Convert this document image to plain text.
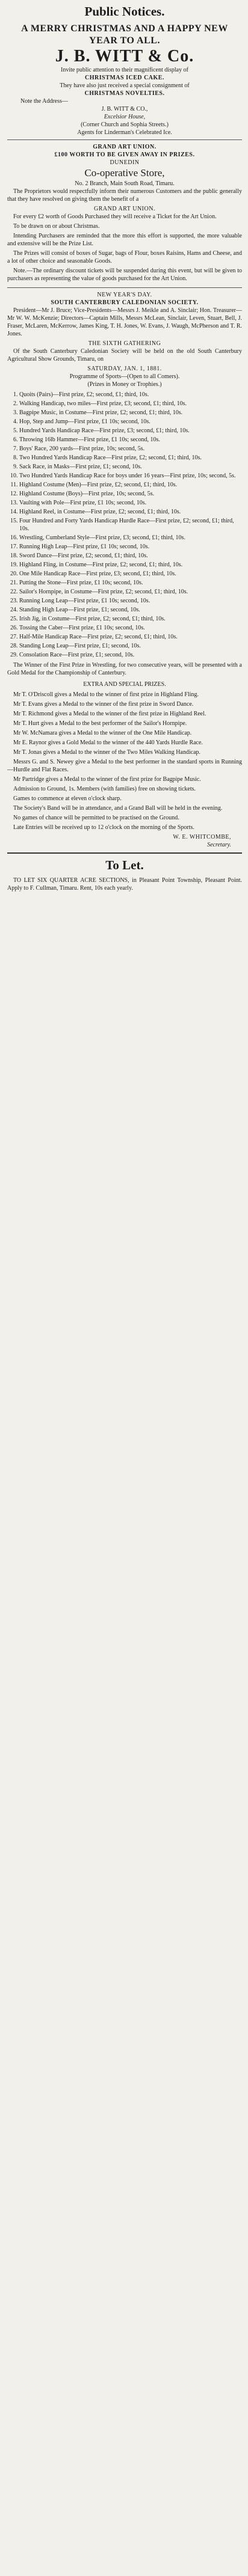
Public Notices.
A MERRY CHRISTMAS AND A HAPPY NEW YEAR TO ALL.
J. B. WITT & Co.
Invite public attention to their magnificent display of
CHRISTMAS ICED CAKE.
They have also just received a special consignment of
CHRISTMAS NOVELTIES.
Note the Address—
J. B. WITT & CO.,
Excelsior House,
(Corner Church and Sophia Streets.)
Agents for Linderman's Celebrated Ice.
GRAND ART UNION.
£100 WORTH TO BE GIVEN AWAY IN PRIZES.
DUNEDIN
Co-operative Store,
No. 2 Branch, Main South Road, Timaru.

The Proprietors would respectfully inform their numerous Customers and the public generally that they have resolved on giving them the benefit of a

GRAND ART UNION.

For every £2 worth of Goods Purchased they will receive a Ticket for the Art Union.

To be drawn on or about Christmas.

Intending Purchasers are reminded that the more this effort is supported, the more valuable and extensive will be the Prize List.

The Prizes will consist of boxes of Sugar, bags of Flour, boxes Raisins, Hams and Cheese, and a lot of other choice and seasonable Goods.

Note.—The ordinary discount tickets will be suspended during this event, but will be given to purchasers as representing the value of goods purchased for the Art Union.

NEW YEAR'S DAY.
SOUTH CANTERBURY CALEDONIAN SOCIETY.

President—Mr J. Bruce; Vice-Presidents—Messrs J. Meikle and A. Sinclair; Hon. Treasurer—Mr W. W. McKenzie; Directors—Captain Mills, Messrs McLean, Sinclair, Leven, Stuart, Bell, J. Fraser, McLaren, McKerrow, James King, T. H. Jones, W. Evans, J. Waugh, McPherson and T. R. Jones.

THE SIXTH GATHERING

Of the South Canterbury Caledonian Society will be held on the old South Canterbury Agricultural Show Grounds, Timaru, on

SATURDAY, JAN. 1, 1881.
Programme of Sports—(Open to all Comers).
(Prizes in Money or Trophies.)
1. Quoits (Pairs)—First prize, £2; second, £1; third, 10s.
2. Walking Handicap, two miles—First prize, £3; second, £1; third, 10s.
3. Bagpipe Music, in Costume—First prize, £2; second, £1; third, 10s.
4. Hop, Step and Jump—First prize, £1 10s; second, 10s.
5. Hundred Yards Handicap Race—First prize, £3; second, £1; third, 10s.
6. Throwing 16lb Hammer—First prize, £1 10s; second, 10s.
7. Boys' Race, 200 yards—First prize, 10s; second, 5s.
8. Two Hundred Yards Handicap Race—First prize, £2; second, £1; third, 10s.
9. Sack Race, in Masks—First prize, £1; second, 10s.
10. Two Hundred Yards Handicap Race for boys under 16 years—First prize, 10s; second, 5s.
11. Highland Costume (Men)—First prize, £2; second, £1; third, 10s.
12. Highland Costume (Boys)—First prize, 10s; second, 5s.
13. Vaulting with Pole—First prize, £1 10s; second, 10s.
14. Highland Reel, in Costume—First prize, £2; second, £1; third, 10s.
15. Four Hundred and Forty Yards Handicap Hurdle Race—First prize, £2; second, £1; third, 10s.
16. Wrestling, Cumberland Style—First prize, £3; second, £1; third, 10s.
17. Running High Leap—First prize, £1 10s; second, 10s.
18. Sword Dance—First prize, £2; second, £1; third, 10s.
19. Highland Fling, in Costume—First prize, £2; second, £1; third, 10s.
20. One Mile Handicap Race—First prize, £3; second, £1; third, 10s.
21. Putting the Stone—First prize, £1 10s; second, 10s.
22. Sailor's Hornpipe, in Costume—First prize, £2; second, £1; third, 10s.
23. Running Long Leap—First prize, £1 10s; second, 10s.
24. Standing High Leap—First prize, £1; second, 10s.
25. Irish Jig, in Costume—First prize, £2; second, £1; third, 10s.
26. Tossing the Caber—First prize, £1 10s; second, 10s.
27. Half-Mile Handicap Race—First prize, £2; second, £1; third, 10s.
28. Standing Long Leap—First prize, £1; second, 10s.
29. Consolation Race—First prize, £1; second, 10s.

The Winner of the First Prize in Wrestling, for two consecutive years, will be presented with a Gold Medal for the Championship of Canterbury.

EXTRA AND SPECIAL PRIZES.

Mr T. O'Driscoll gives a Medal to the winner of first prize in Highland Fling.

Mr T. Evans gives a Medal to the winner of the first prize in Sword Dance.

Mr T. Richmond gives a Medal to the winner of the first prize in Highland Reel.

Mr T. Hurt gives a Medal to the best performer of the Sailor's Hornpipe.

Mr W. McNamara gives a Medal to the winner of the One Mile Handicap.

Mr E. Raynor gives a Gold Medal to the winner of the 440 Yards Hurdle Race.

Mr T. Jonas gives a Medal to the winner of the Two Miles Walking Handicap.

Messrs G. and S. Newey give a Medal to the best performer in the standard sports in Running—Hurdle and Flat Races.

Mr Partridge gives a Medal to the winner of the first prize for Bagpipe Music.

Admission to Ground, 1s. Members (with families) free on showing tickets.

Games to commence at eleven o'clock sharp.

The Society's Band will be in attendance, and a Grand Ball will be held in the evening.

No games of chance will be permitted to be practised on the Ground.

Late Entries will be received up to 12 o'clock on the morning of the Sports.

W. E. WHITCOMBE,
Secretary.
To Let.

TO LET SIX QUARTER ACRE SECTIONS, in Pleasant Point Township, Pleasant Point. Apply to F. Cullman, Timaru. Rent, 10s each yearly.
